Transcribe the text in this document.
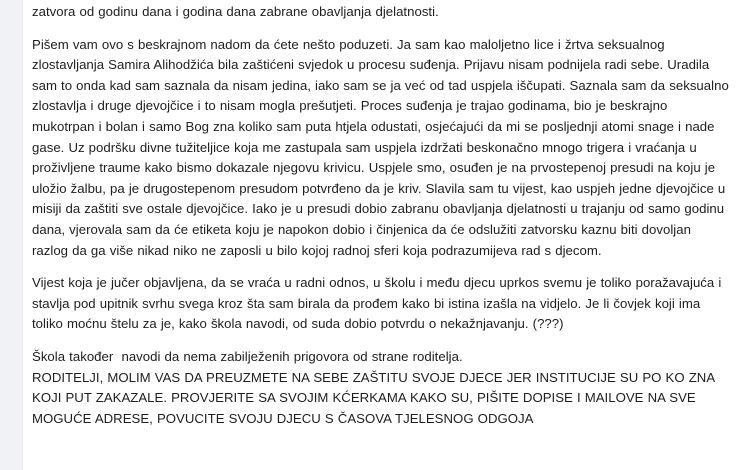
zatvora od godinu dana i godina dana zabrane obavljanja djelatnosti.

Pišem vam ovo s beskrajnom nadom da ćete nešto poduzeti. Ja sam kao maloljetno lice i žrtva seksualnog zlostavljanja Samira Alihodžića bila zaštićeni svjedok u procesu suđenja. Prijavu nisam podnijela radi sebe. Uradila sam to onda kad sam saznala da nisam jedina, iako sam se ja već od tad uspjela iščupati. Saznala sam da seksualno zlostavlja i druge djevojčice i to nisam mogla prešutjeti. Proces suđenja je trajao godinama, bio je beskrajno mukotrpan i bolan i samo Bog zna koliko sam puta htjela odustati, osjećajući da mi se posljednji atomi snage i nade gase. Uz podršku divne tužiteljice koja me zastupala sam uspjela izdržati beskonačno mnogo trigera i vraćanja u proživljene traume kako bismo dokazale njegovu krivicu. Uspjele smo, osuđen je na prvostepenoj presudi na koju je uložio žalbu, pa je drugostepenom presudom potvrđeno da je kriv. Slavila sam tu vijest, kao uspjeh jedne djevojčice u misiji da zaštiti sve ostale djevojčice. Iako je u presudi dobio zabranu obavljanja djelatnosti u trajanju od samo godinu dana, vjerovala sam da će etiketa koju je napokon dobio i činjenica da će odslužiti zatvorsku kaznu biti dovoljan razlog da ga više nikad niko ne zaposli u bilo kojoj radnoj sferi koja podrazumijeva rad s djecom.

Vijest koja je jučer objavljena, da se vraća u radni odnos, u školu i među djecu uprkos svemu je toliko poražavajuća i stavlja pod upitnik svrhu svega kroz šta sam birala da prođem kako bi istina izašla na vidjelo. Je li čovjek koji ima toliko moćnu štelu za je, kako škola navodi, od suda dobio potvrdu o nekažnjavanju. (???)

Škola također  navodi da nema zabilježenih prigovora od strane roditelja.

RODITELJI, MOLIM VAS DA PREUZMETE NA SEBE ZAŠTITU SVOJE DJECE JER INSTITUCIJE SU PO KO ZNA KOJI PUT ZAKAZALE. PROVJERITE SA SVOJIM KĆERKAMA KAKO SU, PIŠITE DOPISE I MAILOVE NA SVE MOGUĆE ADRESE, POVUCITE SVOJU DJECU S ČASOVA TJELESNOG ODGOJA
